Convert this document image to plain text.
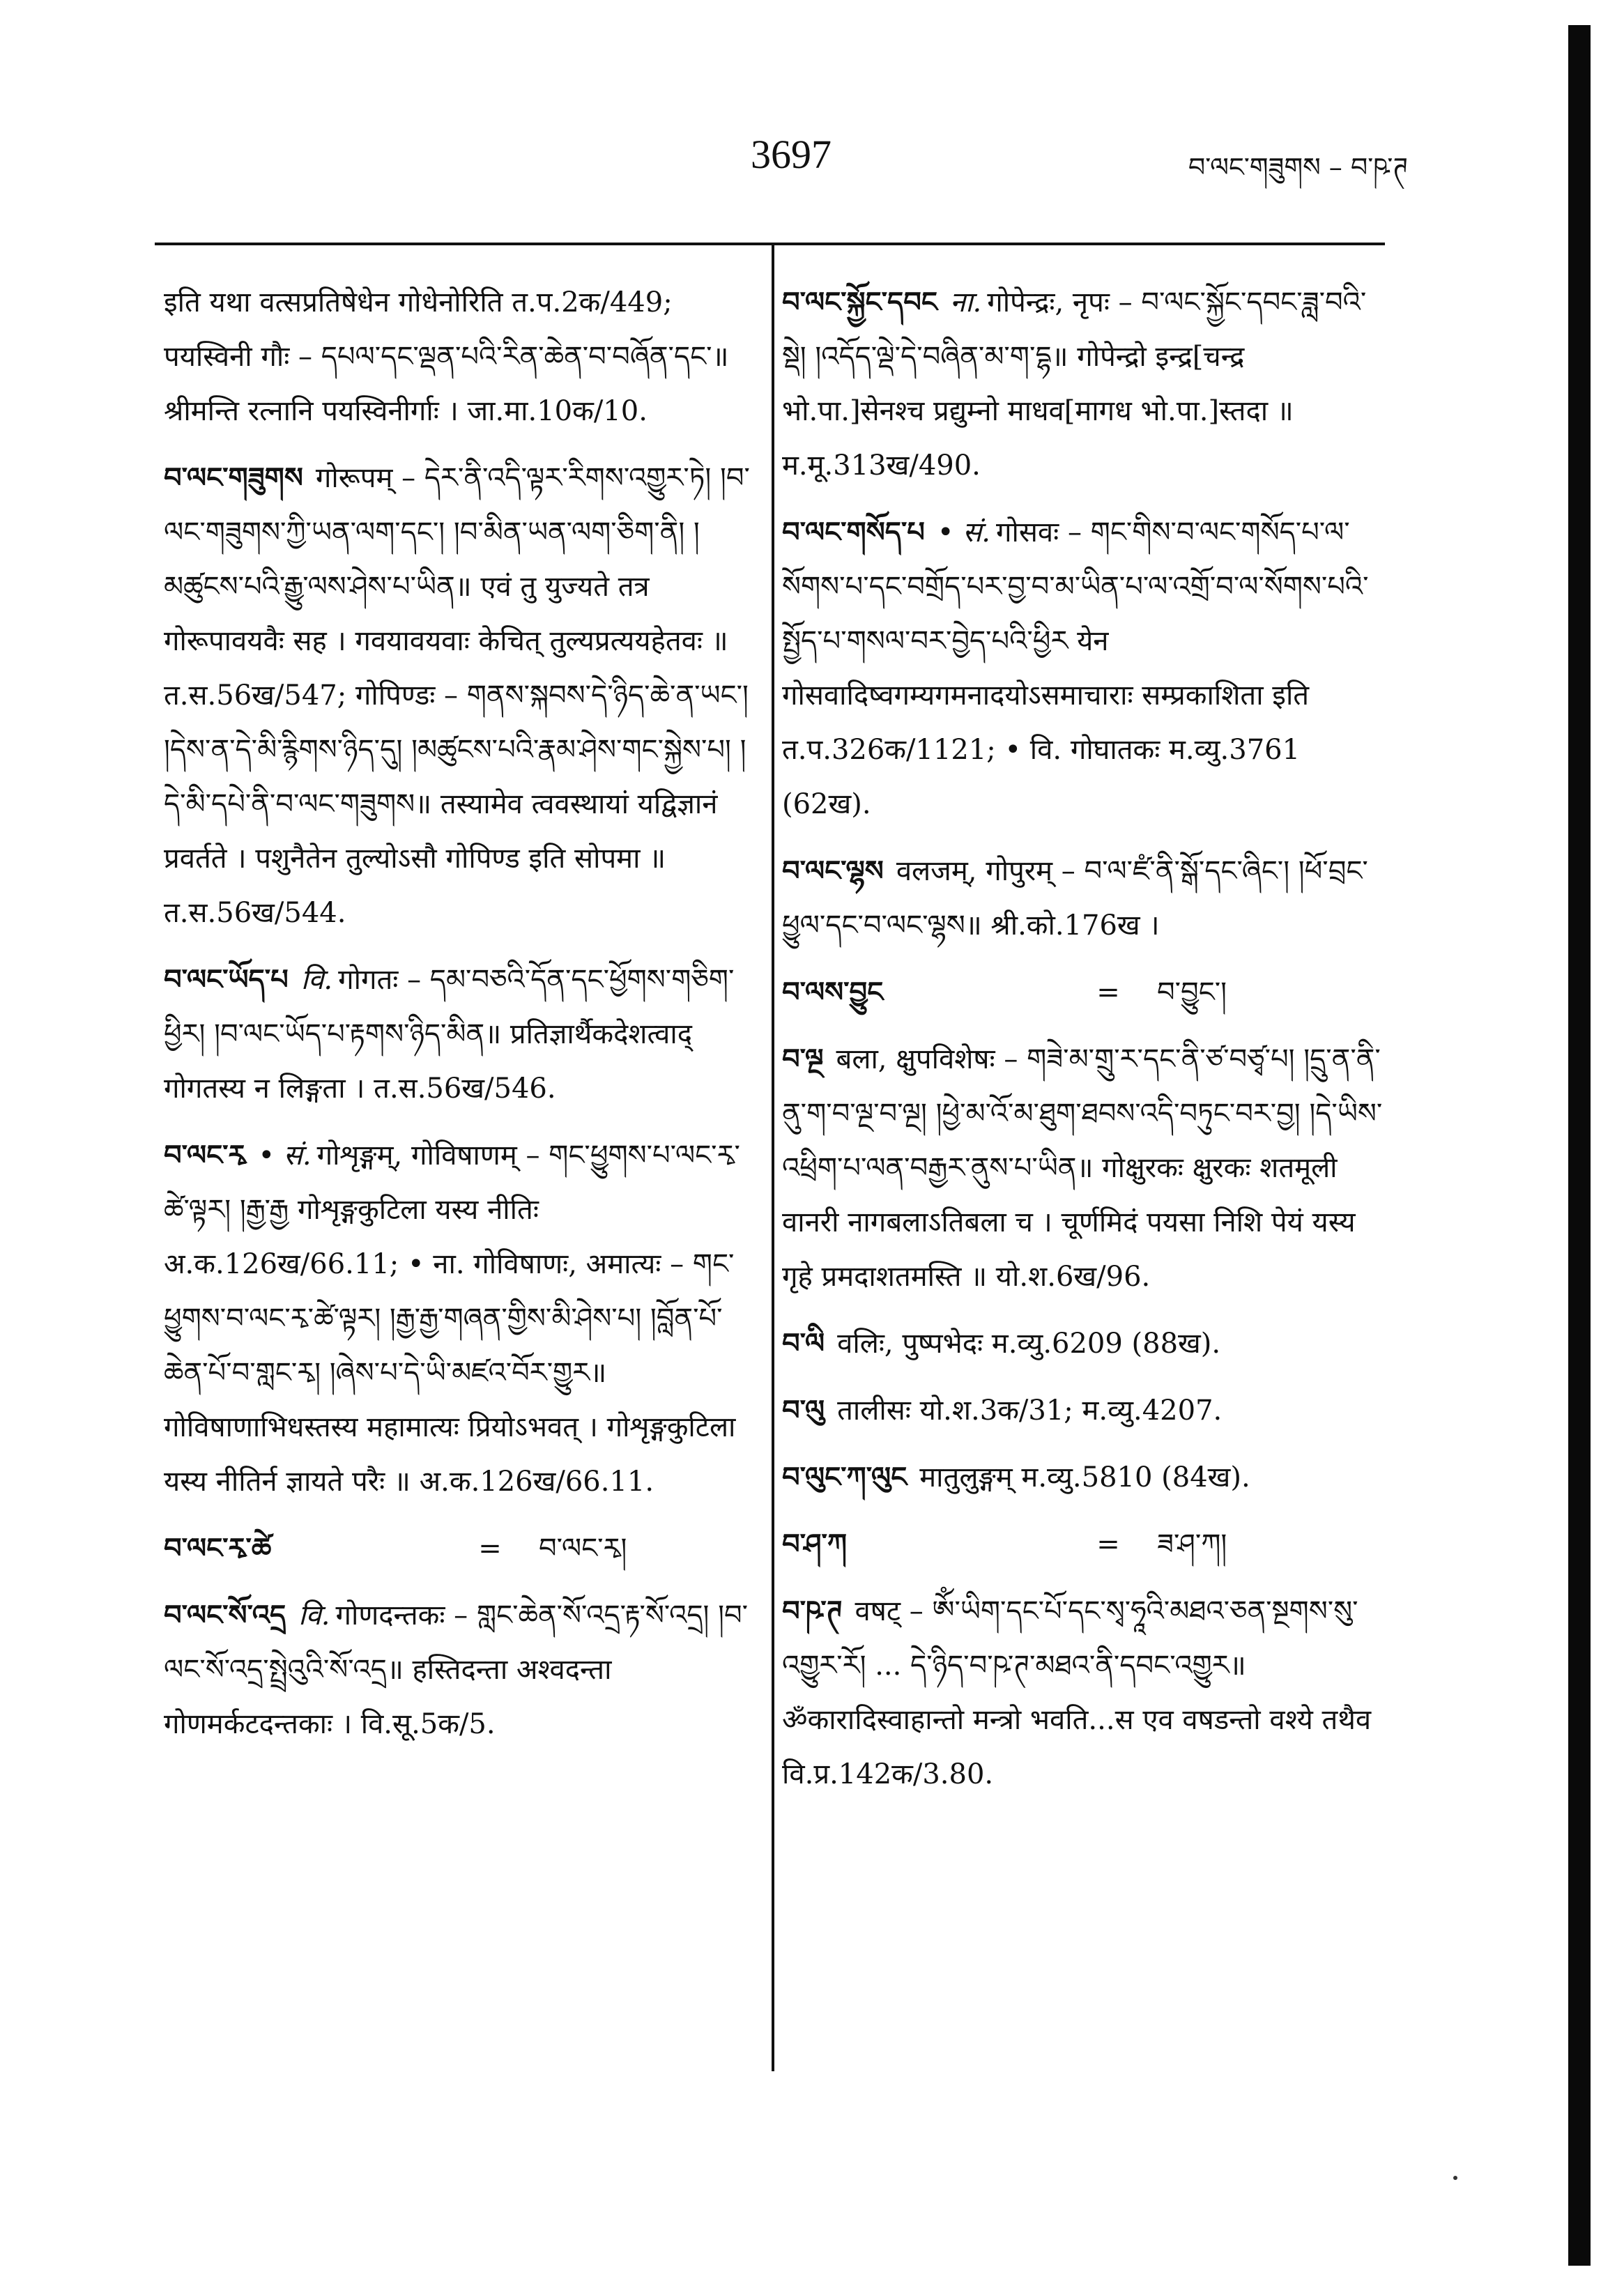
3697	བ་ལང་གཟུགས – བ་ཥ་ཊ
इति यथा वत्सप्रतिषेधेन गोधेनोरिति त.प.2क/449; पयस्विनी गौः – དཔལ་དང་ལྡན་པའི་རིན་ཆེན་བ་བཞོན་དང་॥ श्रीमन्ति रत्नानि पयस्विनीर्गाः । जा.मा.10क/10.
བ་ལང་གཟུགས गोरूपम् – དེར་ནི་འདི་ལྟར་རིགས་འགྱུར་ཏེ། །བ་ལང་གཟུགས་ཀྱི་ཡན་ལག་དང་། །བ་མིན་ཡན་ལག་ཅིག་ནི། །མཚུངས་པའི་རྒྱུ་ལས་ཤེས་པ་ཡིན॥ एवं तु युज्यते तत्र गोरूपावयवैः सह । गवयावयवाः केचित् तुल्यप्रत्ययहेतवः ॥ त.स.56ख/547; गोपिण्डः – གནས་སྐབས་དེ་ཉིད་ཆེ་ན་ཡང་། །དེས་ན་དེ་མི་རྙིགས་ཉིད་དུ། །མཚུངས་པའི་རྣམ་ཤེས་གང་སྐྱེས་པ། །དེ་མི་དཔེ་ནི་བ་ལང་གཟུགས॥ तस्यामेव त्ववस्थायां यद्विज्ञानं प्रवर्तते । पशुनैतेन तुल्योऽसौ गोपिण्ड इति सोपमा ॥ त.स.56ख/544.
བ་ལང་ཡོད་པ वि. गोगतः – དམ་བཅའི་དོན་དང་ཕྱོགས་གཅིག་ཕྱིར། །བ་ལང་ཡོད་པ་རྟགས་ཉིད་མིན॥ प्रतिज्ञार्थैकदेशत्वाद् गोगतस्य न लिङ्गता । त.स.56ख/546.
བ་ལང་རྭ • सं. गोशृङ्गम्, गोविषाणम् – གང་ཕྱུགས་པ་ལང་རྭ་ཚེ་ལྟར། །རྒྱ་རྒྱ गोशृङ्गकुटिला यस्य नीतिः अ.क.126ख/66.11; • ना. गोविषाणः, अमात्यः – གང་ཕྱུགས་བ་ལང་རྭ་ཚེ་ལྟར། །རྒྱ་རྒྱ་གཞན་གྱིས་མི་ཤེས་པ། །བློན་པོ་ཆེན་པོ་བ་གླང་རྭ། །ཞེས་པ་དེ་ཡི་མཛའ་བོར་གྱུར॥ गोविषाणाभिधस्तस्य महामात्यः प्रियोऽभवत् । गोशृङ्गकुटिला यस्य नीतिर्न ज्ञायते परैः ॥ अ.क.126ख/66.11.
བ་ལང་རྭ་ཚེ	=	བ་ལང་རྭ།
བ་ལང་སོ་འདྲ वि. गोणदन्तकः – གླང་ཆེན་སོ་འདྲ་རྟ་སོ་འདྲ། །བ་ལང་སོ་འདྲ་སྤྲེའུའི་སོ་འདྲ॥ हस्तिदन्ता अश्वदन्ता गोणमर्कटदन्तकाः । वि.सू.5क/5.
བ་ལང་སྐྱོང་དབང ना. गोपेन्द्रः, नृपः – བ་ལང་སྐྱོང་དབང་ཟླ་བའི་སྡེ། །འདོད་ལྡེ་དེ་བཞིན་མ་ག་དྷ॥ गोपेन्द्रो इन्द्र[चन्द्र भो.पा.]सेनश्च प्रद्युम्नो माधव[मागध भो.पा.]स्तदा ॥ म.मू.313ख/490.
བ་ལང་གསོད་པ • सं. गोसवः – གང་གིས་བ་ལང་གསོད་པ་ལ་སོགས་པ་དང་བགྲོད་པར་བྱ་བ་མ་ཡིན་པ་ལ་འགྲོ་བ་ལ་སོགས་པའི་སྤྱོད་པ་གསལ་བར་བྱེད་པའི་ཕྱིར येन गोसवादिष्वगम्यगमनादयोऽसमाचाराः सम्प्रकाशिता इति त.प.326क/1121; • वि. गोघातकः म.व्यु.3761 (62ख).
བ་ལང་ལྷས वलजम्, गोपुरम् – བ་ལ་ཛཾ་ནི་སྒོ་དང་ཞིང་། །ཕོ་བྲང་ཕྱུལ་དང་བ་ལང་ལྷས॥ श्री.को.176ख ।
བ་ལས་བྱུང	=	བ་བྱུང་།
བ་ལྔ बला, क्षुपविशेषः – གཟེ་མ་གྲུ་ར་དང་ནི་ཙ་བཙྭ་པ། །དྲུ་ན་ནི་ནུ་ག་བ་ལྔ་བ་ལྔ། །ཕྱེ་མ་འོ་མ་ཐུག་ཐབས་འདི་བཏུང་བར་བྱ། །དེ་ཡིས་འཕྲིག་པ་ལན་བརྒྱར་ནུས་པ་ཡིན॥ गोक्षुरकः क्षुरकः शतमूली वानरी नागबलाऽतिबला च । चूर्णमिदं पयसा निशि पेयं यस्य गृहे प्रमदाशतमस्ति ॥ यो.श.6ख/96.
བ་ལི वलिः, पुष्पभेदः म.व्यु.6209 (88ख).
བ་ལུ तालीसः यो.श.3क/31; म.व्यु.4207.
བ་ལུང་ཀ་ལུང मातुलुङ्गम् म.व्यु.5810 (84ख).
བ་ཤ་ཀ	=	ཟ་ཤ་ཀ།
བ་ཥ་ཊ वषट् – ཨོཾ་ཡིག་དང་པོ་དང་སྭ་ཧཱའི་མཐའ་ཅན་སྔགས་སུ་འགྱུར་རོ། ... དེ་ཉིད་བ་ཥ་ཊ་མཐའ་ནི་དབང་འགྱུར॥ ॐकारादिस्वाहान्तो मन्त्रो भवति...स एव वषडन्तो वश्ये तथैव वि.प्र.142क/3.80.
